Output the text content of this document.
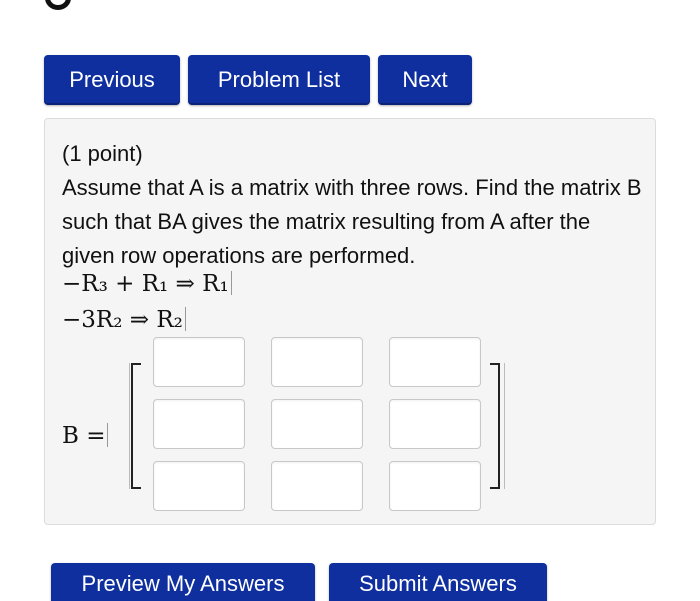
Previous	Problem List	Next
(1 point)
Assume that A is a matrix with three rows. Find the matrix B such that BA gives the matrix resulting from A after the given row operations are performed.
−R₃ + R₁ ⇒ R₁
−3R₂ ⇒ R₂
B =
Preview My Answers	Submit Answers
